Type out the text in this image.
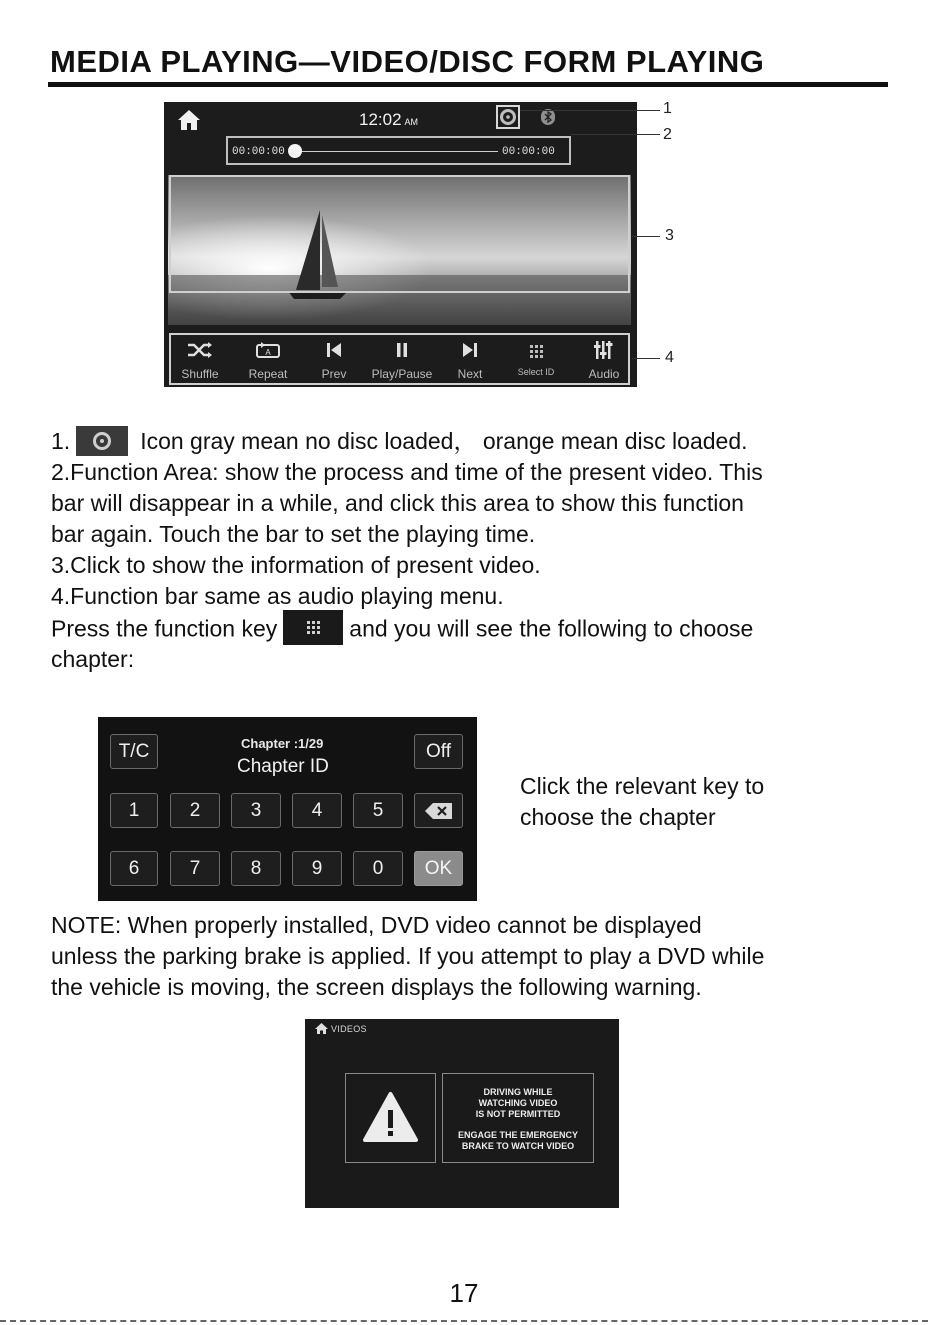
MEDIA PLAYING—VIDEO/DISC FORM PLAYING
12:02 AM
00:00:00	00:00:00
Shuffle
A
Repeat	Prev	Play/Pause	Next	Select ID	Audio
1
2
3
4
1.	Icon gray mean no disc loaded， orange mean disc loaded.
2.Function Area: show the process and time of the present video. This
bar will disappear in a while, and click this area to show this function
bar again. Touch the bar to set the playing time.
3.Click to show the information of present video.
4.Function bar same as audio playing menu.
Press the function key	and you will see the following to choose
chapter:
T/C	Chapter :1/29
Chapter ID
Off
1	2	3	4	5
6	7	8	9	0	OK
Click the relevant key to
choose the chapter
NOTE: When properly installed, DVD video cannot be displayed
unless the parking brake is applied. If you attempt to play a DVD while
the vehicle is moving, the screen displays the following warning.
VIDEOS
DRIVING WHILE
WATCHING VIDEO
IS NOT PERMITTED
ENGAGE THE EMERGENCY
BRAKE TO WATCH VIDEO
17
